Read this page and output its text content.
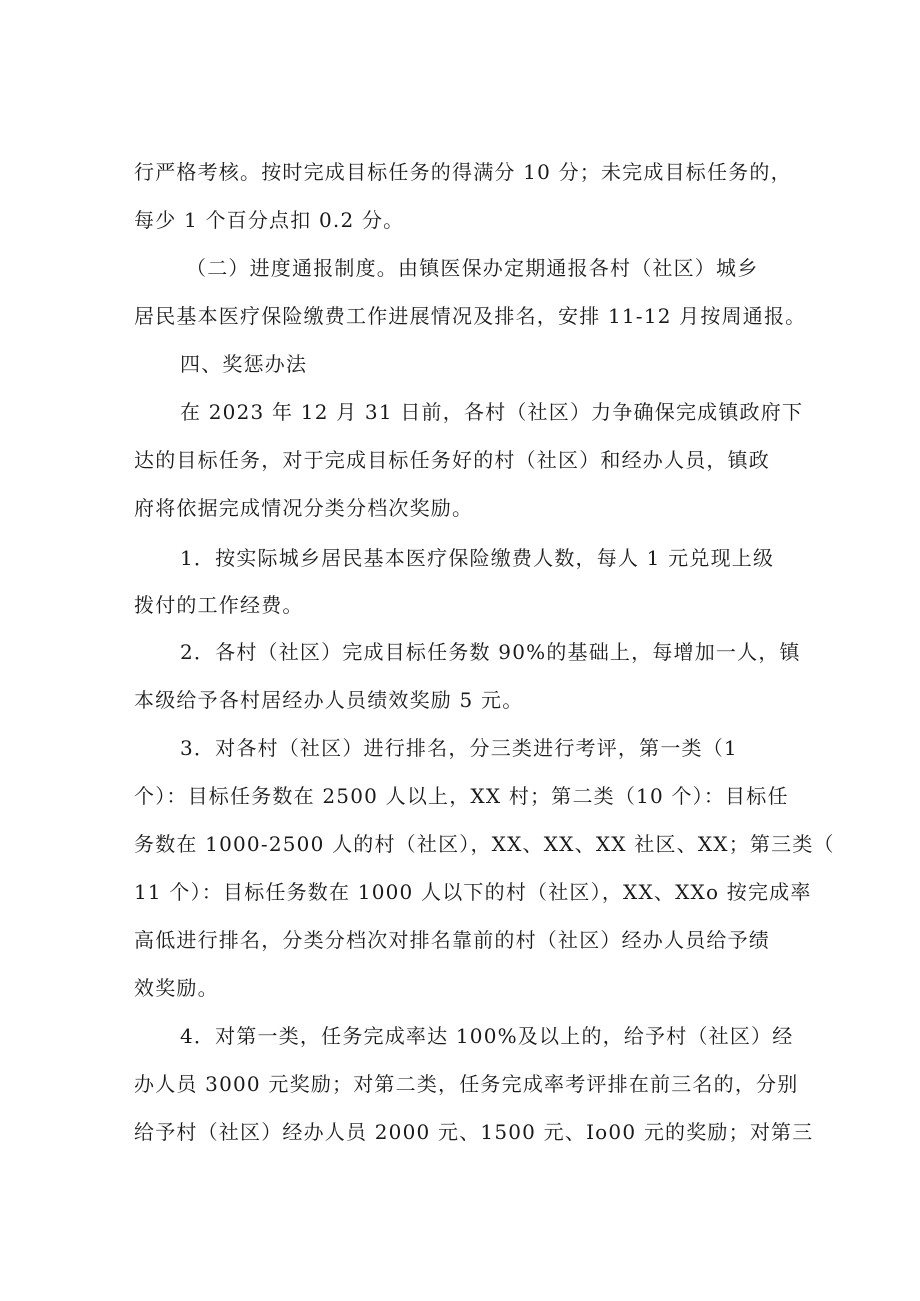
行严格考核。按时完成目标任务的得满分 10 分；未完成目标任务的，

每少 1 个百分点扣 0.2 分。

（二）进度通报制度。由镇医保办定期通报各村（社区）城乡

居民基本医疗保险缴费工作进展情况及排名，安排 11-12 月按周通报。

四、奖惩办法

在 2023 年 12 月 31 日前，各村（社区）力争确保完成镇政府下

达的目标任务，对于完成目标任务好的村（社区）和经办人员，镇政

府将依据完成情况分类分档次奖励。

1．按实际城乡居民基本医疗保险缴费人数，每人 1 元兑现上级

拨付的工作经费。

2．各村（社区）完成目标任务数 90%的基础上，每增加一人，镇

本级给予各村居经办人员绩效奖励 5 元。

3．对各村（社区）进行排名，分三类进行考评，第一类（1

个）：目标任务数在 2500 人以上，XX 村；第二类（10 个）：目标任

务数在 1000-2500 人的村（社区），XX、XX、XX 社区、XX；第三类（

11 个）：目标任务数在 1000 人以下的村（社区），XX、XXo 按完成率

高低进行排名，分类分档次对排名靠前的村（社区）经办人员给予绩

效奖励。

4．对第一类，任务完成率达 100%及以上的，给予村（社区）经

办人员 3000 元奖励；对第二类，任务完成率考评排在前三名的，分别

给予村（社区）经办人员 2000 元、1500 元、Io00 元的奖励；对第三
